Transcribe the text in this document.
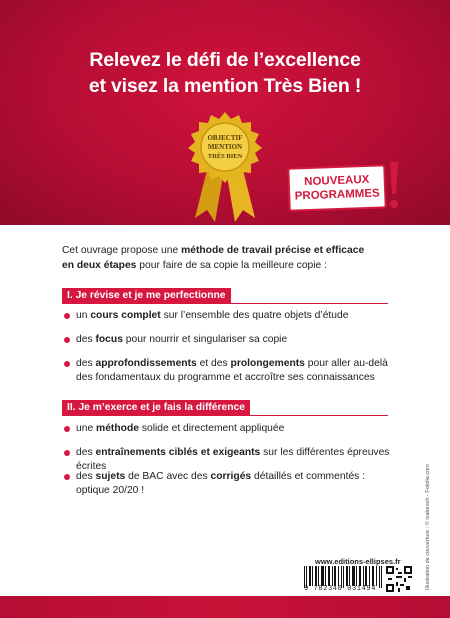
Relevez le défi de l’excellence
et visez la mention Très Bien !
OBJECTIF
MENTION
TRÈS BIEN
NOUVEAUX
PROGRAMMES
Cet ouvrage propose une méthode de travail précise et efficace
en deux étapes pour faire de sa copie la meilleure copie :
I. Je révise et je me perfectionne
un cours complet sur l’ensemble des quatre objets d’étude
des focus pour nourrir et singulariser sa copie
des approfondissements et des prolongements pour aller au-delà des fondamentaux du programme et accroître ses connaissances
II. Je m’exerce et je fais la différence
une méthode solide et directement appliquée
des entraînements ciblés et exigeants sur les différentes épreuves écrites
des sujets de BAC avec des corrigés détaillés et commentés : optique 20/20 !
www.editions-ellipses.fr
9 782340 031494	Illustration de couverture : © izabeveh - Fotolia.com
